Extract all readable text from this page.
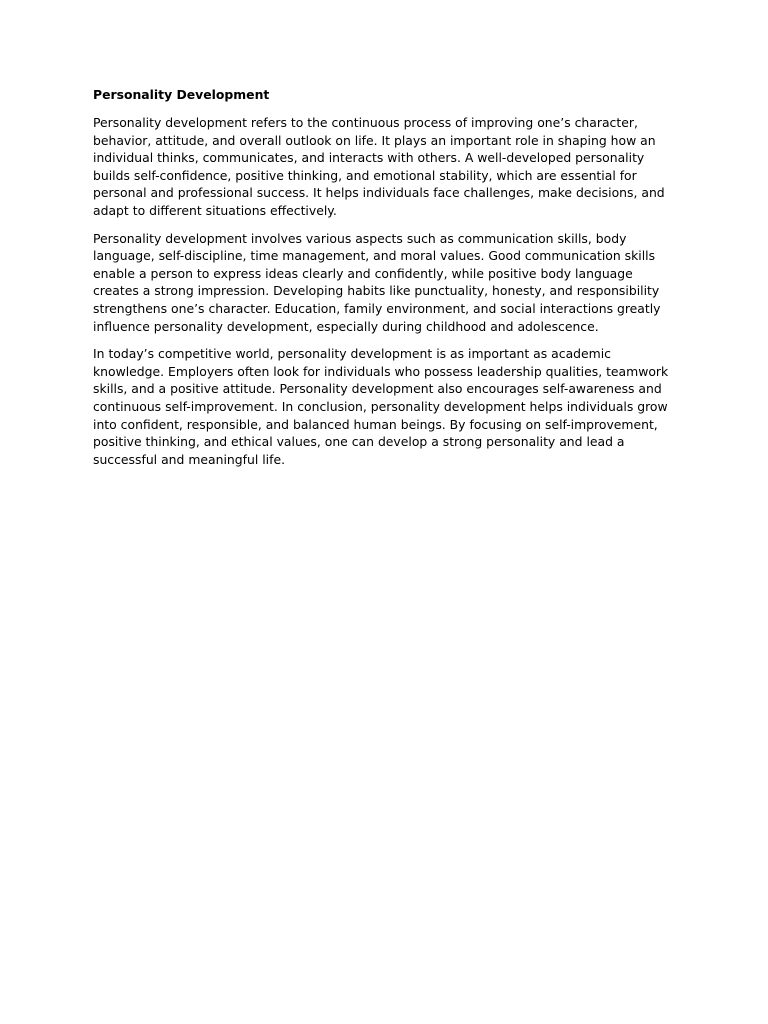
Personality Development

Personality development refers to the continuous process of improving one’s character, behavior, attitude, and overall outlook on life. It plays an important role in shaping how an individual thinks, communicates, and interacts with others. A well-developed personality builds self-confidence, positive thinking, and emotional stability, which are essential for personal and professional success. It helps individuals face challenges, make decisions, and adapt to different situations effectively.

Personality development involves various aspects such as communication skills, body language, self-discipline, time management, and moral values. Good communication skills enable a person to express ideas clearly and confidently, while positive body language creates a strong impression. Developing habits like punctuality, honesty, and responsibility strengthens one’s character. Education, family environment, and social interactions greatly influence personality development, especially during childhood and adolescence.

In today’s competitive world, personality development is as important as academic knowledge. Employers often look for individuals who possess leadership qualities, teamwork skills, and a positive attitude. Personality development also encourages self-awareness and continuous self-improvement. In conclusion, personality development helps individuals grow into confident, responsible, and balanced human beings. By focusing on self-improvement, positive thinking, and ethical values, one can develop a strong personality and lead a successful and meaningful life.
